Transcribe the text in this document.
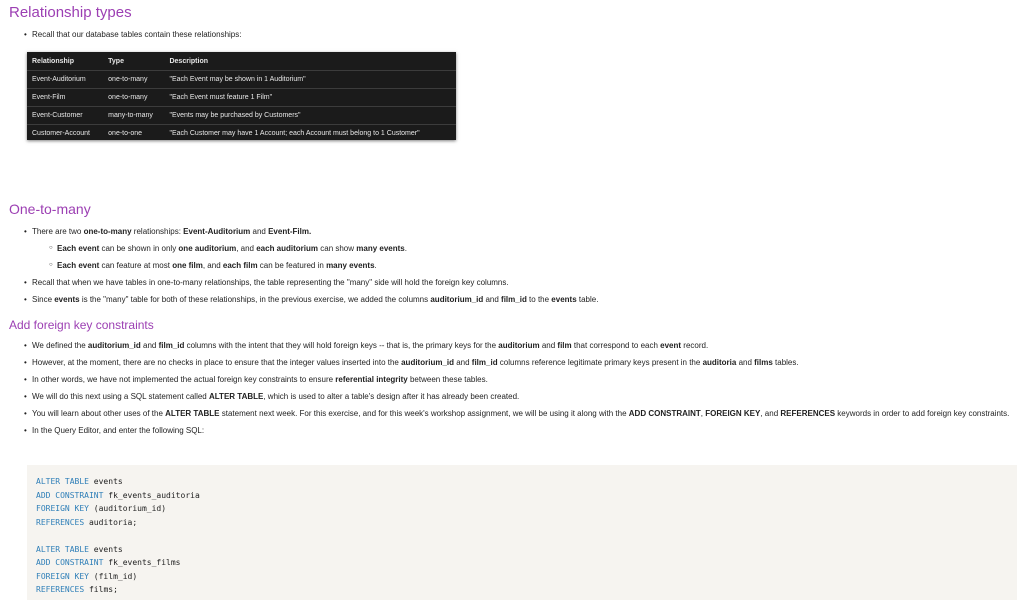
Relationship types
• Recall that our database tables contain these relationships:
Relationship	Type	Description
Event-Auditorium	one-to-many	"Each Event may be shown in 1 Auditorium"
Event-Film	one-to-many	"Each Event must feature 1 Film"
Event-Customer	many-to-many	"Events may be purchased by Customers"
Customer-Account	one-to-one	"Each Customer may have 1 Account; each Account must belong to 1 Customer"
One-to-many
• There are two one-to-many relationships: Event-Auditorium and Event-Film.
○ Each event can be shown in only one auditorium, and each auditorium can show many events.
○ Each event can feature at most one film, and each film can be featured in many events.
• Recall that when we have tables in one-to-many relationships, the table representing the "many" side will hold the foreign key columns.
• Since events is the "many" table for both of these relationships, in the previous exercise, we added the columns auditorium_id and film_id to the events table.
Add foreign key constraints
• We defined the auditorium_id and film_id columns with the intent that they will hold foreign keys -- that is, the primary keys for the auditorium and film that correspond to each event record.
• However, at the moment, there are no checks in place to ensure that the integer values inserted into the auditorium_id and film_id columns reference legitimate primary keys present in the auditoria and films tables.
• In other words, we have not implemented the actual foreign key constraints to ensure referential integrity between these tables.
• We will do this next using a SQL statement called ALTER TABLE, which is used to alter a table's design after it has already been created.
• You will learn about other uses of the ALTER TABLE statement next week. For this exercise, and for this week's workshop assignment, we will be using it along with the ADD CONSTRAINT, FOREIGN KEY, and REFERENCES keywords in order to add foreign key constraints.
• In the Query Editor, and enter the following SQL:
ALTER TABLE events
ADD CONSTRAINT fk_events_auditoria
FOREIGN KEY (auditorium_id)
REFERENCES auditoria;

ALTER TABLE events
ADD CONSTRAINT fk_events_films
FOREIGN KEY (film_id)
REFERENCES films;
